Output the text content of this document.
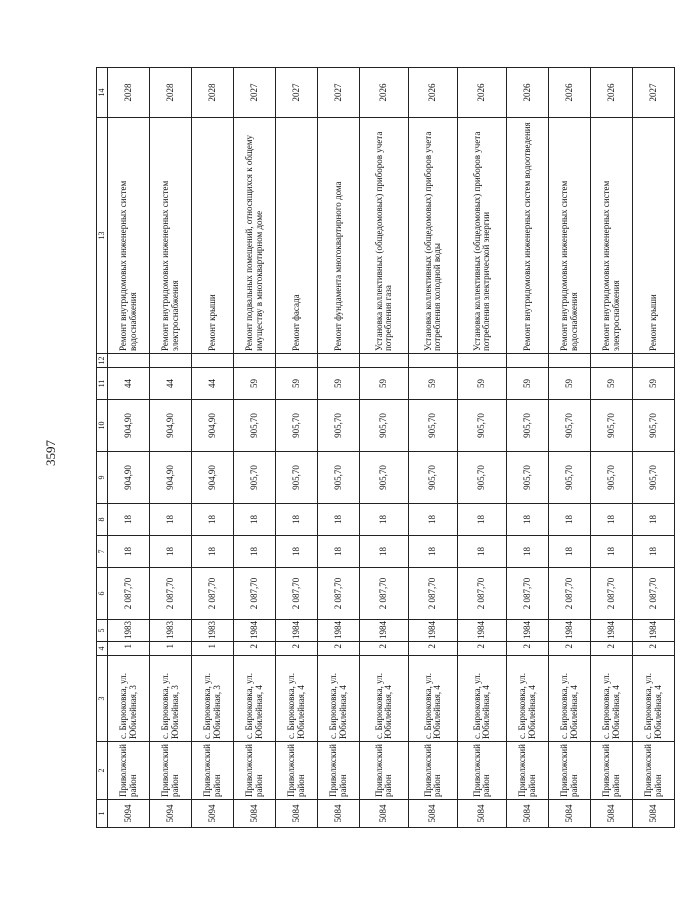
3597
1	2	3	4	5	6	7	8	9	10	11	12	13	14
5094	Приволжский район	с. Бирюковка, ул. Юбилейная, 3	1	1983	2 087,70	18	18	904,90	904,90	44		Ремонт внутридомовых инженерных систем водоснабжения	2028
5094	Приволжский район	с. Бирюковка, ул. Юбилейная, 3	1	1983	2 087,70	18	18	904,90	904,90	44		Ремонт внутридомовых инженерных систем электроснабжения	2028
5094	Приволжский район	с. Бирюковка, ул. Юбилейная, 3	1	1983	2 087,70	18	18	904,90	904,90	44		Ремонт крыши	2028
5084	Приволжский район	с. Бирюковка, ул. Юбилейная, 4	2	1984	2 087,70	18	18	905,70	905,70	59		Ремонт подвальных помещений, относящихся к общему имуществу в многоквартирном доме	2027
5084	Приволжский район	с. Бирюковка, ул. Юбилейная, 4	2	1984	2 087,70	18	18	905,70	905,70	59		Ремонт фасада	2027
5084	Приволжский район	с. Бирюковка, ул. Юбилейная, 4	2	1984	2 087,70	18	18	905,70	905,70	59		Ремонт фундамента многоквартирного дома	2027
5084	Приволжский район	с. Бирюковка, ул. Юбилейная, 4	2	1984	2 087,70	18	18	905,70	905,70	59		Установка коллективных (общедомовых) приборов учета потребления газа	2026
5084	Приволжский район	с. Бирюковка, ул. Юбилейная, 4	2	1984	2 087,70	18	18	905,70	905,70	59		Установка коллективных (общедомовых) приборов учета потребления холодной воды	2026
5084	Приволжский район	с. Бирюковка, ул. Юбилейная, 4	2	1984	2 087,70	18	18	905,70	905,70	59		Установка коллективных (общедомовых) приборов учета потребления электрической энергии	2026
5084	Приволжский район	с. Бирюковка, ул. Юбилейная, 4	2	1984	2 087,70	18	18	905,70	905,70	59		Ремонт внутридомовых инженерных систем водоотведения	2026
5084	Приволжский район	с. Бирюковка, ул. Юбилейная, 4	2	1984	2 087,70	18	18	905,70	905,70	59		Ремонт внутридомовых инженерных систем водоснабжения	2026
5084	Приволжский район	с. Бирюковка, ул. Юбилейная, 4	2	1984	2 087,70	18	18	905,70	905,70	59		Ремонт внутридомовых инженерных систем электроснабжения	2026
5084	Приволжский район	с. Бирюковка, ул. Юбилейная, 4	2	1984	2 087,70	18	18	905,70	905,70	59		Ремонт крыши	2027
